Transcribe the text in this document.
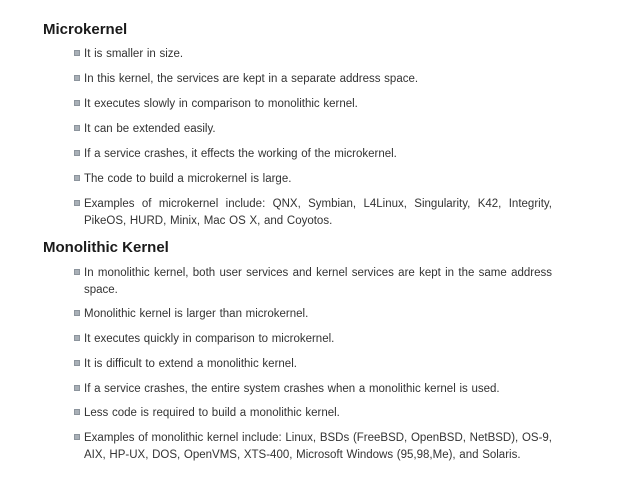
Microkernel
It is smaller in size.
In this kernel, the services are kept in a separate address space.
It executes slowly in comparison to monolithic kernel.
It can be extended easily.
If a service crashes, it effects the working of the microkernel.
The code to build a microkernel is large.
Examples of microkernel include: QNX, Symbian, L4Linux, Singularity, K42, Integrity, PikeOS, HURD, Minix, Mac OS X, and Coyotos.
Monolithic Kernel
In monolithic kernel, both user services and kernel services are kept in the same address space.
Monolithic kernel is larger than microkernel.
It executes quickly in comparison to microkernel.
It is difficult to extend a monolithic kernel.
If a service crashes, the entire system crashes when a monolithic kernel is used.
Less code is required to build a monolithic kernel.
Examples of monolithic kernel include: Linux, BSDs (FreeBSD, OpenBSD, NetBSD), OS-9, AIX, HP-UX, DOS, OpenVMS, XTS-400, Microsoft Windows (95,98,Me), and Solaris.
